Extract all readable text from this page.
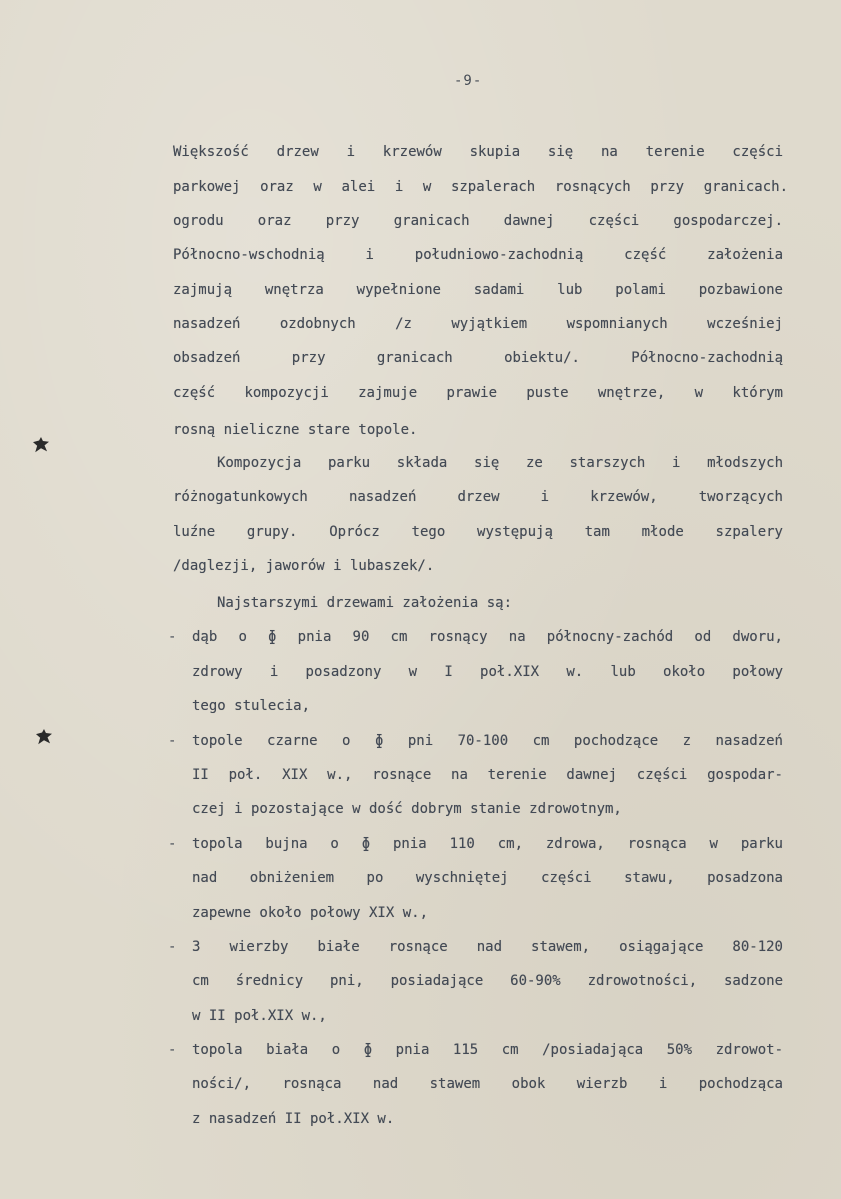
-9-
Większość drzew i krzewów skupia się na terenie części
parkowej oraz w alei i w szpalerach rosnących przy granicach.
ogrodu oraz przy granicach dawnej części gospodarczej.
Północno-wschodnią i południowo-zachodnią część założenia
zajmują wnętrza wypełnione sadami lub polami pozbawione
nasadzeń ozdobnych /z wyjątkiem wspomnianych wcześniej
obsadzeń przy granicach obiektu/. Północno-zachodnią
część kompozycji zajmuje prawie puste wnętrze, w którym
rosną nieliczne stare topole.
Kompozycja parku składa się ze starszych i młodszych
różnogatunkowych nasadzeń drzew i krzewów, tworzących
luźne grupy. Oprócz tego występują tam młode szpalery
/daglezji, jaworów i lubaszek/.
Najstarszymi drzewami założenia są:
- dąb o ɸ pnia 90 cm rosnący na północny-zachód od dworu,
zdrowy i posadzony w I poł.XIX w. lub około połowy
tego stulecia,
- topole czarne o ɸ pni 70-100 cm pochodzące z nasadzeń
II poł. XIX w., rosnące na terenie dawnej części gospodar-
czej i pozostające w dość dobrym stanie zdrowotnym,
- topola bujna o ɸ pnia 110 cm, zdrowa, rosnąca w parku
nad obniżeniem po wyschniętej części stawu, posadzona
zapewne około połowy XIX w.,
- 3 wierzby białe rosnące nad stawem, osiągające 80-120
cm średnicy pni, posiadające 60-90% zdrowotności, sadzone
w II poł.XIX w.,
- topola biała o ɸ pnia 115 cm /posiadająca 50% zdrowot-
ności/, rosnąca nad stawem obok wierzb i pochodząca
z nasadzeń II poł.XIX w.
